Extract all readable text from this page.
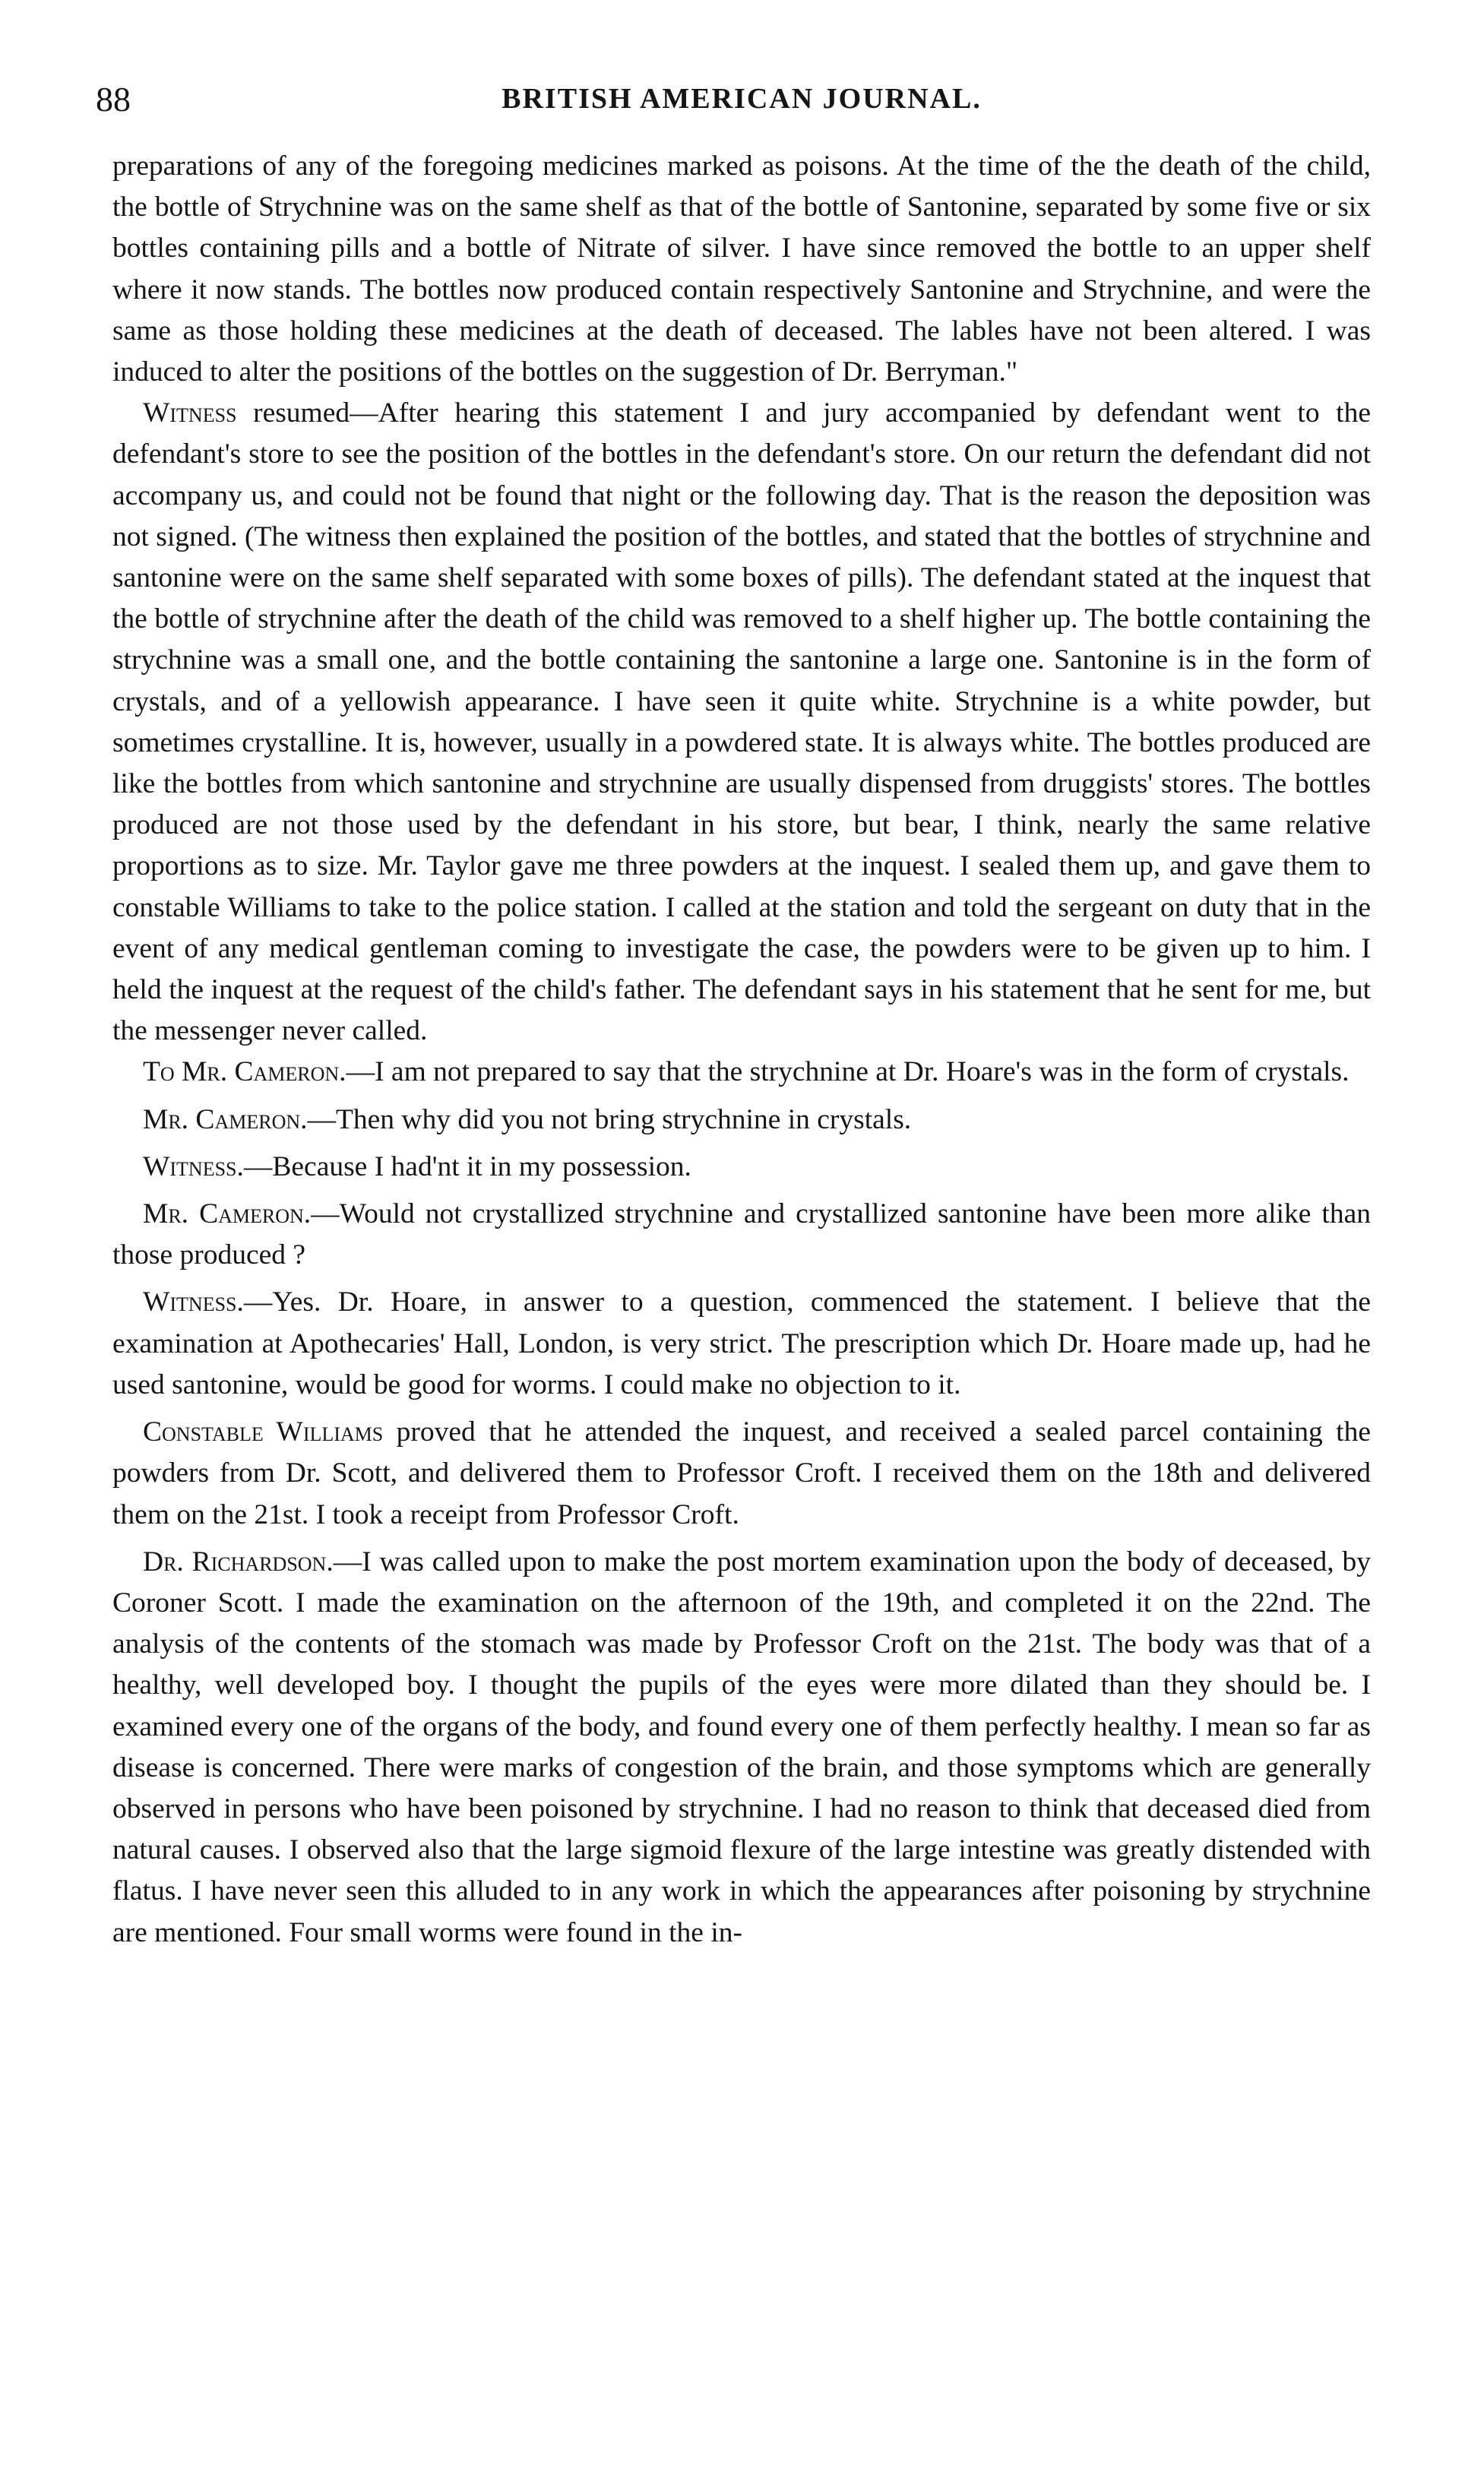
88	BRITISH AMERICAN JOURNAL.

preparations of any of the foregoing medicines marked as poisons. At the time of the the death of the child, the bottle of Strychnine was on the same shelf as that of the bottle of Santonine, separated by some five or six bottles containing pills and a bottle of Nitrate of silver. I have since removed the bottle to an upper shelf where it now stands. The bottles now produced contain respectively Santonine and Strychnine, and were the same as those holding these medicines at the death of deceased. The lables have not been altered. I was induced to alter the positions of the bottles on the suggestion of Dr. Berryman."

Witness resumed—After hearing this statement I and jury accompanied by defendant went to the defendant's store to see the position of the bottles in the defendant's store. On our return the defendant did not accompany us, and could not be found that night or the following day. That is the reason the deposition was not signed. (The witness then explained the position of the bottles, and stated that the bottles of strychnine and santonine were on the same shelf separated with some boxes of pills). The defendant stated at the inquest that the bottle of strychnine after the death of the child was removed to a shelf higher up. The bottle containing the strychnine was a small one, and the bottle containing the santonine a large one. Santonine is in the form of crystals, and of a yellowish appearance. I have seen it quite white. Strychnine is a white powder, but sometimes crystalline. It is, however, usually in a powdered state. It is always white. The bottles produced are like the bottles from which santonine and strychnine are usually dispensed from druggists' stores. The bottles produced are not those used by the defendant in his store, but bear, I think, nearly the same relative proportions as to size. Mr. Taylor gave me three powders at the inquest. I sealed them up, and gave them to constable Williams to take to the police station. I called at the station and told the sergeant on duty that in the event of any medical gentleman coming to investigate the case, the powders were to be given up to him. I held the inquest at the request of the child's father. The defendant says in his statement that he sent for me, but the messenger never called.

To Mr. Cameron.—I am not prepared to say that the strychnine at Dr. Hoare's was in the form of crystals.

Mr. Cameron.—Then why did you not bring strychnine in crystals.

Witness.—Because I had'nt it in my possession.

Mr. Cameron.—Would not crystallized strychnine and crystallized santonine have been more alike than those produced ?

Witness.—Yes. Dr. Hoare, in answer to a question, commenced the statement. I believe that the examination at Apothecaries' Hall, London, is very strict. The prescription which Dr. Hoare made up, had he used santonine, would be good for worms. I could make no objection to it.

Constable Williams proved that he attended the inquest, and received a sealed parcel containing the powders from Dr. Scott, and delivered them to Professor Croft. I received them on the 18th and delivered them on the 21st. I took a receipt from Professor Croft.

Dr. Richardson.—I was called upon to make the post mortem examination upon the body of deceased, by Coroner Scott. I made the examination on the afternoon of the 19th, and completed it on the 22nd. The analysis of the contents of the stomach was made by Professor Croft on the 21st. The body was that of a healthy, well developed boy. I thought the pupils of the eyes were more dilated than they should be. I examined every one of the organs of the body, and found every one of them perfectly healthy. I mean so far as disease is concerned. There were marks of congestion of the brain, and those symptoms which are generally observed in persons who have been poisoned by strychnine. I had no reason to think that deceased died from natural causes. I observed also that the large sigmoid flexure of the large intestine was greatly distended with flatus. I have never seen this alluded to in any work in which the appearances after poisoning by strychnine are mentioned. Four small worms were found in the in-
